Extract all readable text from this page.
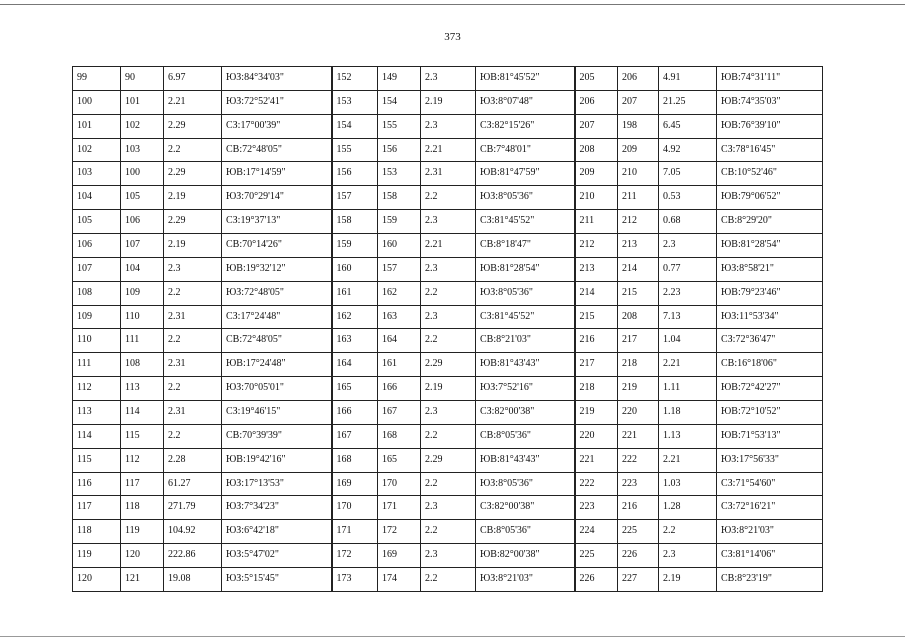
373
99	90	6.97	ЮЗ:84°34'03"	152	149	2.3	ЮВ:81°45'52"	205	206	4.91	ЮВ:74°31'11"
100	101	2.21	ЮЗ:72°52'41"	153	154	2.19	ЮЗ:8°07'48"	206	207	21.25	ЮВ:74°35'03"
101	102	2.29	СЗ:17°00'39"	154	155	2.3	СЗ:82°15'26"	207	198	6.45	ЮВ:76°39'10"
102	103	2.2	СВ:72°48'05"	155	156	2.21	СВ:7°48'01"	208	209	4.92	СЗ:78°16'45"
103	100	2.29	ЮВ:17°14'59"	156	153	2.31	ЮВ:81°47'59"	209	210	7.05	СВ:10°52'46"
104	105	2.19	ЮЗ:70°29'14"	157	158	2.2	ЮЗ:8°05'36"	210	211	0.53	ЮВ:79°06'52"
105	106	2.29	СЗ:19°37'13"	158	159	2.3	СЗ:81°45'52"	211	212	0.68	СВ:8°29'20"
106	107	2.19	СВ:70°14'26"	159	160	2.21	СВ:8°18'47"	212	213	2.3	ЮВ:81°28'54"
107	104	2.3	ЮВ:19°32'12"	160	157	2.3	ЮВ:81°28'54"	213	214	0.77	ЮЗ:8°58'21"
108	109	2.2	ЮЗ:72°48'05"	161	162	2.2	ЮЗ:8°05'36"	214	215	2.23	ЮВ:79°23'46"
109	110	2.31	СЗ:17°24'48"	162	163	2.3	СЗ:81°45'52"	215	208	7.13	ЮЗ:11°53'34"
110	111	2.2	СВ:72°48'05"	163	164	2.2	СВ:8°21'03"	216	217	1.04	СЗ:72°36'47"
111	108	2.31	ЮВ:17°24'48"	164	161	2.29	ЮВ:81°43'43"	217	218	2.21	СВ:16°18'06"
112	113	2.2	ЮЗ:70°05'01"	165	166	2.19	ЮЗ:7°52'16"	218	219	1.11	ЮВ:72°42'27"
113	114	2.31	СЗ:19°46'15"	166	167	2.3	СЗ:82°00'38"	219	220	1.18	ЮВ:72°10'52"
114	115	2.2	СВ:70°39'39"	167	168	2.2	СВ:8°05'36"	220	221	1.13	ЮВ:71°53'13"
115	112	2.28	ЮВ:19°42'16"	168	165	2.29	ЮВ:81°43'43"	221	222	2.21	ЮЗ:17°56'33"
116	117	61.27	ЮЗ:17°13'53"	169	170	2.2	ЮЗ:8°05'36"	222	223	1.03	СЗ:71°54'60"
117	118	271.79	ЮЗ:7°34'23"	170	171	2.3	СЗ:82°00'38"	223	216	1.28	СЗ:72°16'21"
118	119	104.92	ЮЗ:6°42'18"	171	172	2.2	СВ:8°05'36"	224	225	2.2	ЮЗ:8°21'03"
119	120	222.86	ЮЗ:5°47'02"	172	169	2.3	ЮВ:82°00'38"	225	226	2.3	СЗ:81°14'06"
120	121	19.08	ЮЗ:5°15'45"	173	174	2.2	ЮЗ:8°21'03"	226	227	2.19	СВ:8°23'19"
